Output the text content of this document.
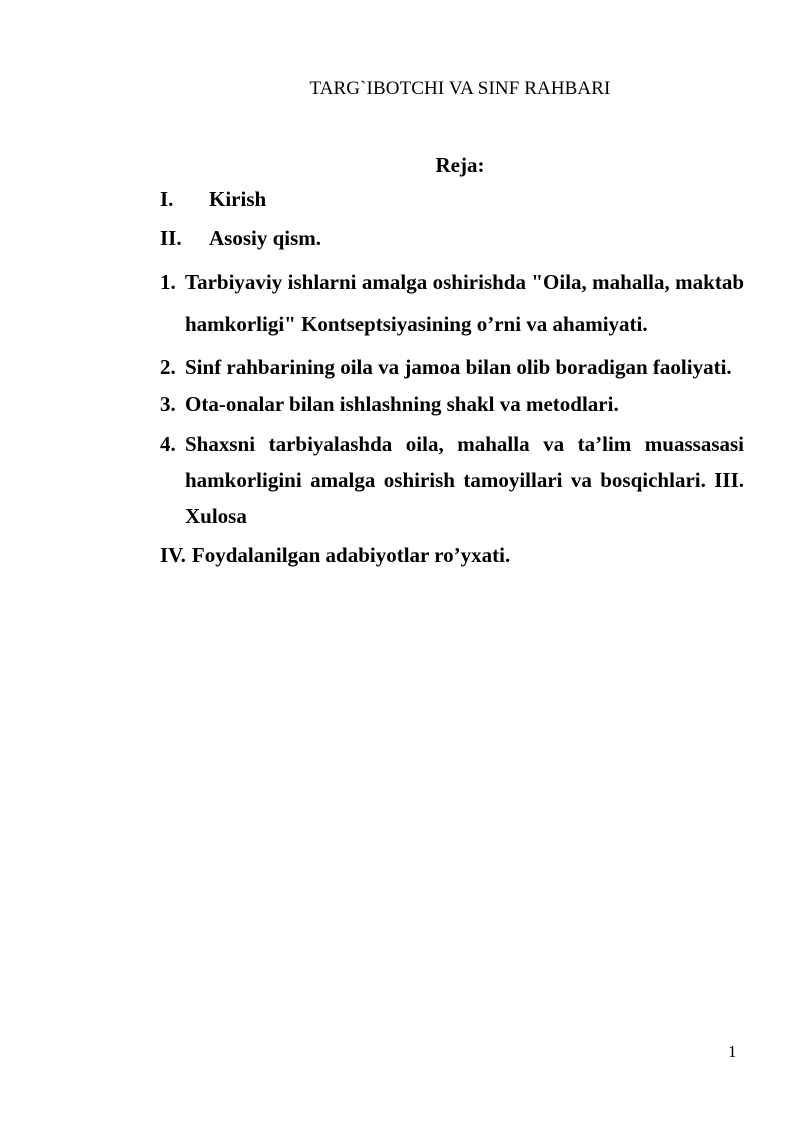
TARG`IBOTCHI VA SINF RAHBARI
Reja:
I.	Kirish
II.	Asosiy qism.
1. Tarbiyaviy ishlarni amalga oshirishda "Oila, mahalla, maktab hamkorligi" Kontseptsiyasining o’rni va ahamiyati.
2. Sinf rahbarining oila va jamoa bilan olib boradigan faoliyati.
3. Ota-onalar bilan ishlashning shakl va metodlari.
4. Shaxsni tarbiyalashda oila, mahalla va ta’lim muassasasi hamkorligini amalga oshirish tamoyillari va bosqichlari. III. Xulosa
IV. Foydalanilgan adabiyotlar ro’yxati.
1
